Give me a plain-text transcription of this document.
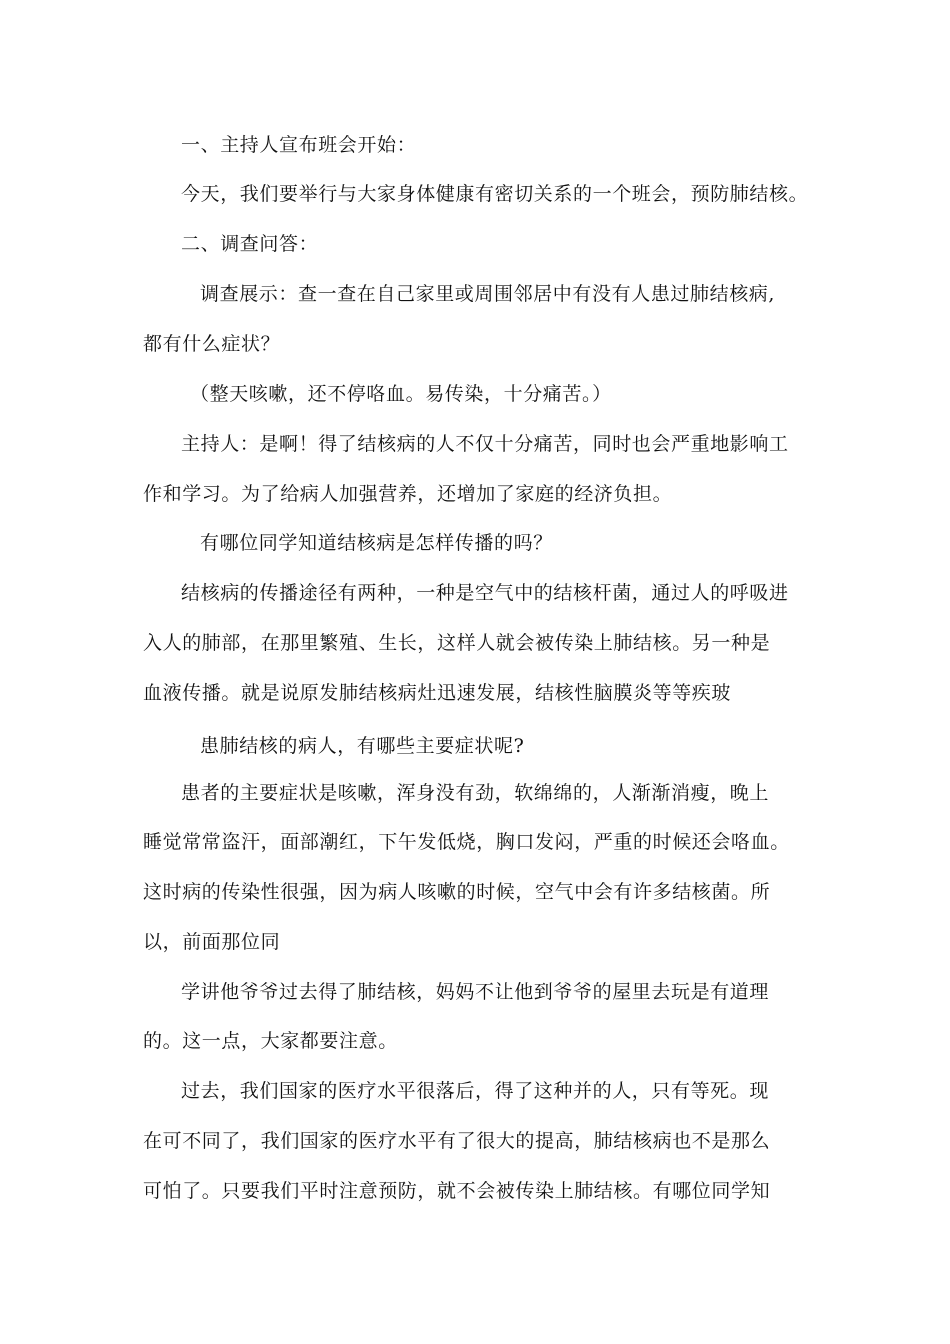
一、主持人宣布班会开始：
今天，我们要举行与大家身体健康有密切关系的一个班会，预防肺结核。
二、调查问答：
调查展示：查一查在自己家里或周围邻居中有没有人患过肺结核病,
都有什么症状？
（整天咳嗽，还不停咯血。易传染，十分痛苦。）
主持人：是啊！得了结核病的人不仅十分痛苦，同时也会严重地影响工
作和学习。为了给病人加强营养，还增加了家庭的经济负担。
有哪位同学知道结核病是怎样传播的吗？
结核病的传播途径有两种，一种是空气中的结核杆菌，通过人的呼吸进
入人的肺部，在那里繁殖、生长，这样人就会被传染上肺结核。另一种是
血液传播。就是说原发肺结核病灶迅速发展，结核性脑膜炎等等疾玻
患肺结核的病人，有哪些主要症状呢?
患者的主要症状是咳嗽，浑身没有劲，软绵绵的，人渐渐消瘦，晚上
睡觉常常盗汗，面部潮红，下午发低烧，胸口发闷，严重的时候还会咯血。
这时病的传染性很强，因为病人咳嗽的时候，空气中会有许多结核菌。所
以，前面那位同
学讲他爷爷过去得了肺结核，妈妈不让他到爷爷的屋里去玩是有道理
的。这一点，大家都要注意。
过去，我们国家的医疗水平很落后，得了这种并的人，只有等死。现
在可不同了，我们国家的医疗水平有了很大的提高，肺结核病也不是那么
可怕了。只要我们平时注意预防，就不会被传染上肺结核。有哪位同学知
